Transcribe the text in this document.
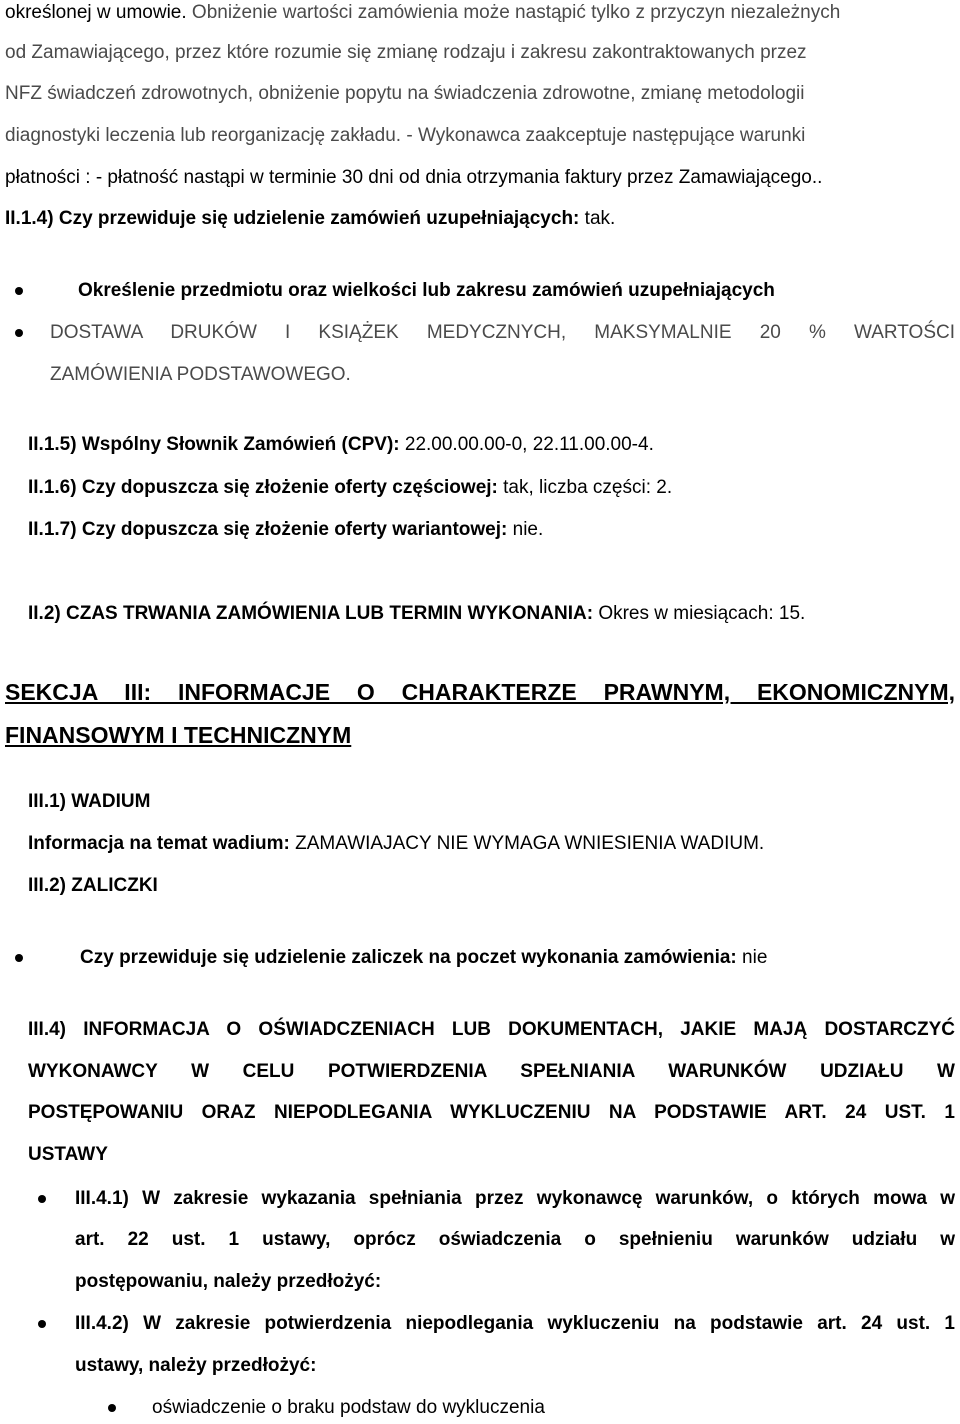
określonej w umowie. Obniżenie wartości zamówienia może nastąpić tylko z przyczyn niezależnych
od Zamawiającego, przez które rozumie się zmianę rodzaju i zakresu zakontraktowanych przez
NFZ świadczeń zdrowotnych, obniżenie popytu na świadczenia zdrowotne, zmianę metodologii
diagnostyki leczenia lub reorganizację zakładu. - Wykonawca zaakceptuje następujące warunki
płatności : - płatność nastąpi w terminie 30 dni od dnia otrzymania faktury przez Zamawiającego..
II.1.4) Czy przewiduje się udzielenie zamówień uzupełniających: tak.
Określenie przedmiotu oraz wielkości lub zakresu zamówień uzupełniających
DOSTAWA DRUKÓW I KSIĄŻEK MEDYCZNYCH, MAKSYMALNIE 20 % WARTOŚCI
ZAMÓWIENIA PODSTAWOWEGO.
II.1.5) Wspólny Słownik Zamówień (CPV): 22.00.00.00-0, 22.11.00.00-4.
II.1.6) Czy dopuszcza się złożenie oferty częściowej: tak, liczba części: 2.
II.1.7) Czy dopuszcza się złożenie oferty wariantowej: nie.
II.2) CZAS TRWANIA ZAMÓWIENIA LUB TERMIN WYKONANIA: Okres w miesiącach: 15.
SEKCJA III: INFORMACJE O CHARAKTERZE PRAWNYM, EKONOMICZNYM,
FINANSOWYM I TECHNICZNYM
III.1) WADIUM
Informacja na temat wadium: ZAMAWIAJACY NIE WYMAGA WNIESIENIA WADIUM.
III.2) ZALICZKI
Czy przewiduje się udzielenie zaliczek na poczet wykonania zamówienia: nie
III.4) INFORMACJA O OŚWIADCZENIACH LUB DOKUMENTACH, JAKIE MAJĄ DOSTARCZYĆ
WYKONAWCY W CELU POTWIERDZENIA SPEŁNIANIA WARUNKÓW UDZIAŁU W
POSTĘPOWANIU ORAZ NIEPODLEGANIA WYKLUCZENIU NA PODSTAWIE ART. 24 UST. 1
USTAWY
III.4.1) W zakresie wykazania spełniania przez wykonawcę warunków, o których mowa w
art. 22 ust. 1 ustawy, oprócz oświadczenia o spełnieniu warunków udziału w
postępowaniu, należy przedłożyć:
III.4.2) W zakresie potwierdzenia niepodlegania wykluczeniu na podstawie art. 24 ust. 1
ustawy, należy przedłożyć:
oświadczenie o braku podstaw do wykluczenia
